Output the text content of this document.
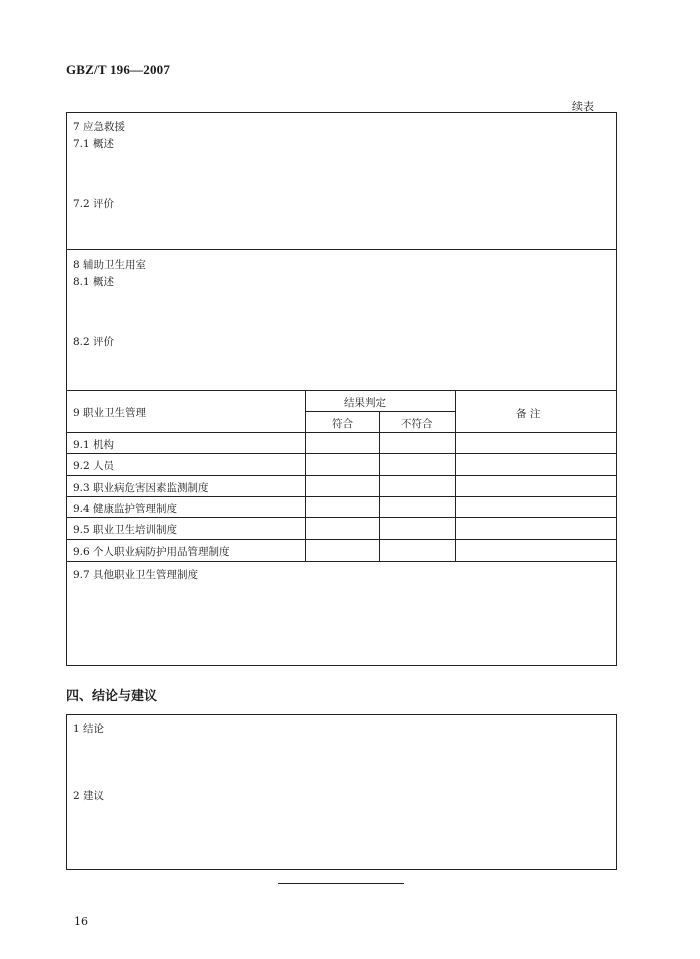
GBZ/T 196—2007
续表
7 应急救援
7.1 概述
7.2 评价
8 辅助卫生用室
8.1 概述
8.2 评价
9 职业卫生管理
结果判定
符合	不符合
备 注
9.1 机构
9.2 人员
9.3 职业病危害因素监测制度
9.4 健康监护管理制度
9.5 职业卫生培训制度
9.6 个人职业病防护用品管理制度
9.7 具他职业卫生管理制度
四、结论与建议
1 结论
2 建议
16
